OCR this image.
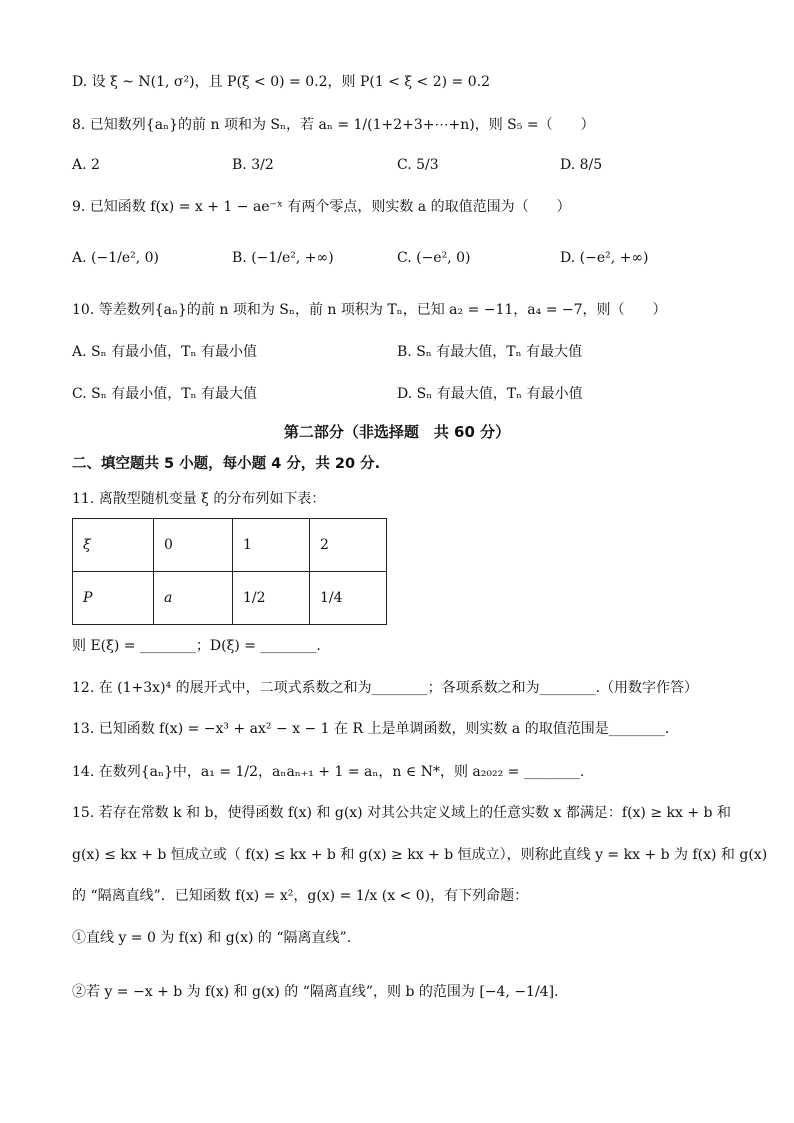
D. 设 ξ ~ N(1, σ²)，且 P(ξ < 0) = 0.2，则 P(1 < ξ < 2) = 0.2
8. 已知数列{aₙ}的前 n 项和为 Sₙ，若 aₙ = 1/(1+2+3+⋯+n)，则 S₅ =（　　）
A. 2	B. 3/2	C. 5/3	D. 8/5
9. 已知函数 f(x) = x + 1 − ae⁻ˣ 有两个零点，则实数 a 的取值范围为（　　）
A. (−1/e², 0)	B. (−1/e², +∞)	C. (−e², 0)	D. (−e², +∞)
10. 等差数列{aₙ}的前 n 项和为 Sₙ，前 n 项积为 Tₙ，已知 a₂ = −11，a₄ = −7，则（　　）
A. Sₙ 有最小值，Tₙ 有最小值	B. Sₙ 有最大值，Tₙ 有最大值
C. Sₙ 有最小值，Tₙ 有最大值	D. Sₙ 有最大值，Tₙ 有最小值
第二部分（非选择题　共 60 分）
二、填空题共 5 小题，每小题 4 分，共 20 分.
11. 离散型随机变量 ξ 的分布列如下表：
ξ	0	1	2
P	a	1/2	1/4
则 E(ξ) = ________；D(ξ) = ________.
12. 在 (1+3x)⁴ 的展开式中，二项式系数之和为________；各项系数之和为________.（用数字作答）
13. 已知函数 f(x) = −x³ + ax² − x − 1 在 R 上是单调函数，则实数 a 的取值范围是________.
14. 在数列{aₙ}中，a₁ = 1/2，aₙaₙ₊₁ + 1 = aₙ，n ∈ N*，则 a₂₀₂₂ = ________.
15. 若存在常数 k 和 b，使得函数 f(x) 和 g(x) 对其公共定义域上的任意实数 x 都满足：f(x) ≥ kx + b 和
g(x) ≤ kx + b 恒成立或（ f(x) ≤ kx + b 和 g(x) ≥ kx + b 恒成立），则称此直线 y = kx + b 为 f(x) 和 g(x)
的 “隔离直线”．已知函数 f(x) = x²，g(x) = 1/x (x < 0)，有下列命题：
①直线 y = 0 为 f(x) 和 g(x) 的 “隔离直线”.
②若 y = −x + b 为 f(x) 和 g(x) 的 “隔离直线”，则 b 的范围为 [−4, −1/4].
